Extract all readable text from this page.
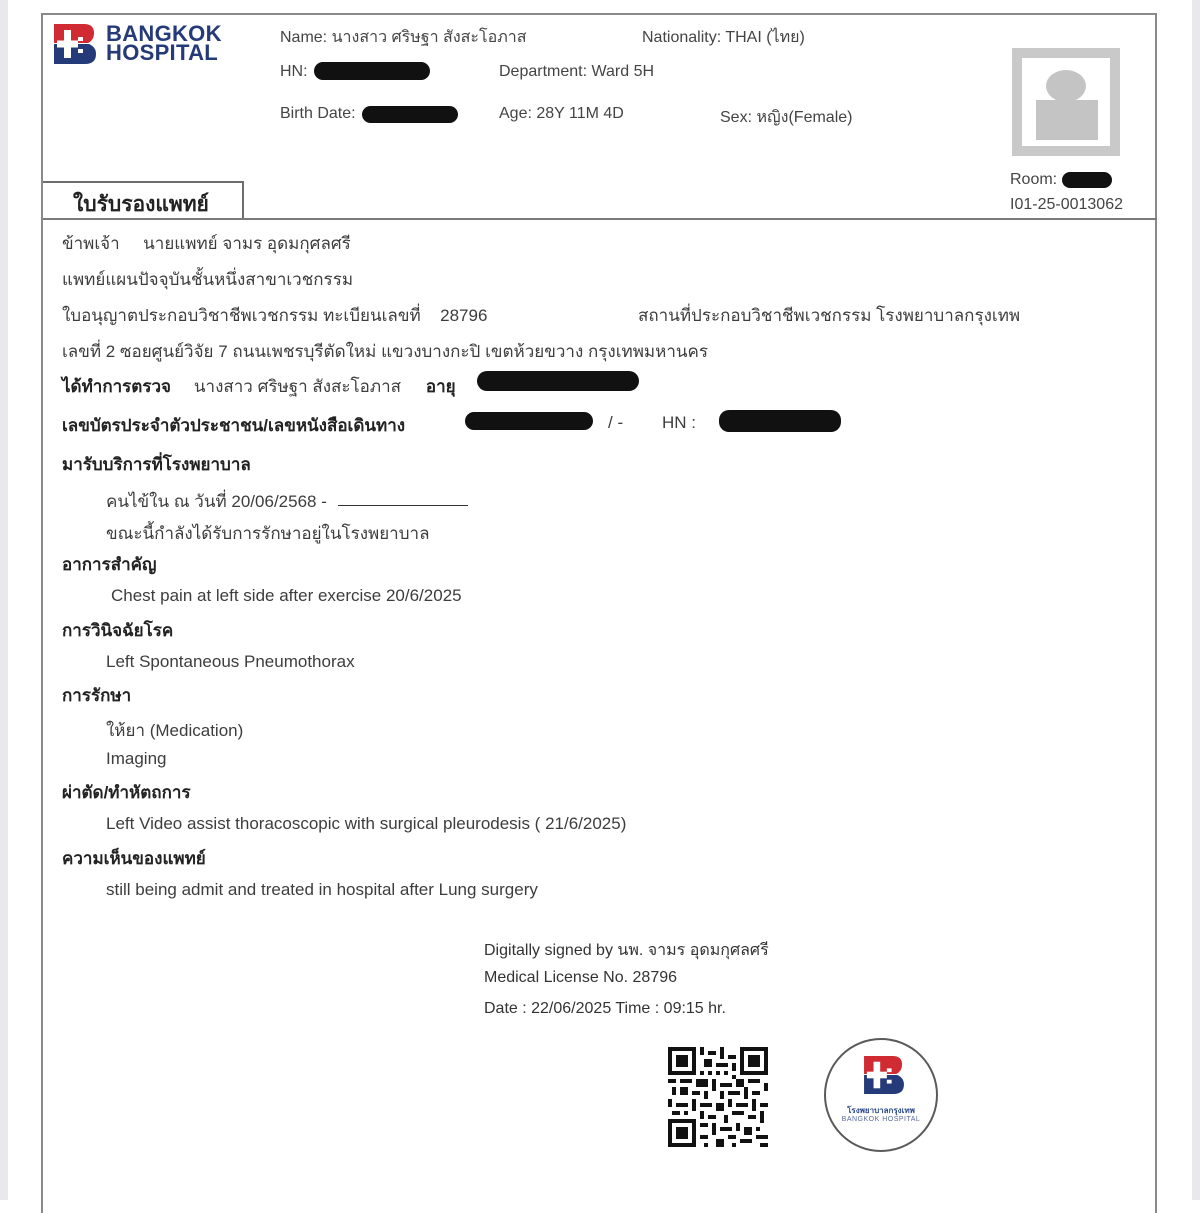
BANGKOK
HOSPITAL
Name: นางสาว ศริษฐา สังสะโอภาส	Nationality: THAI (ไทย)
HN:	Department: Ward 5H
Birth Date:	Age: 28Y 11M 4D	Sex: หญิง(Female)
Room:
I01-25-0013062
ใบรับรองแพทย์
ข้าพเจ้า นายแพทย์ จามร อุดมกุศลศรี
แพทย์แผนปัจจุบันชั้นหนึ่งสาขาเวชกรรม
ใบอนุญาตประกอบวิชาชีพเวชกรรม ทะเบียนเลขที่ 28796	สถานที่ประกอบวิชาชีพเวชกรรม โรงพยาบาลกรุงเทพ
เลขที่ 2 ซอยศูนย์วิจัย 7 ถนนเพชรบุรีตัดใหม่ แขวงบางกะปิ เขตห้วยขวาง กรุงเทพมหานคร
ได้ทำการตรวจ นางสาว ศริษฐา สังสะโอภาส อายุ
เลขบัตรประจำตัวประชาชน/เลขหนังสือเดินทาง	/ - HN :
มารับบริการที่โรงพยาบาล
คนไข้ใน ณ วันที่ 20/06/2568 -
ขณะนี้กำลังได้รับการรักษาอยู่ในโรงพยาบาล
อาการสำคัญ
Chest pain at left side after exercise 20/6/2025
การวินิจฉัยโรค
Left Spontaneous Pneumothorax
การรักษา
ให้ยา (Medication)
Imaging
ผ่าตัด/ทำหัตถการ
Left Video assist thoracoscopic with surgical pleurodesis ( 21/6/2025)
ความเห็นของแพทย์
still being admit and treated in hospital after Lung surgery
Digitally signed by นพ. จามร อุดมกุศลศรี
Medical License No. 28796
Date : 22/06/2025 Time : 09:15 hr.
โรงพยาบาลกรุงเทพ
BANGKOK HOSPITAL
